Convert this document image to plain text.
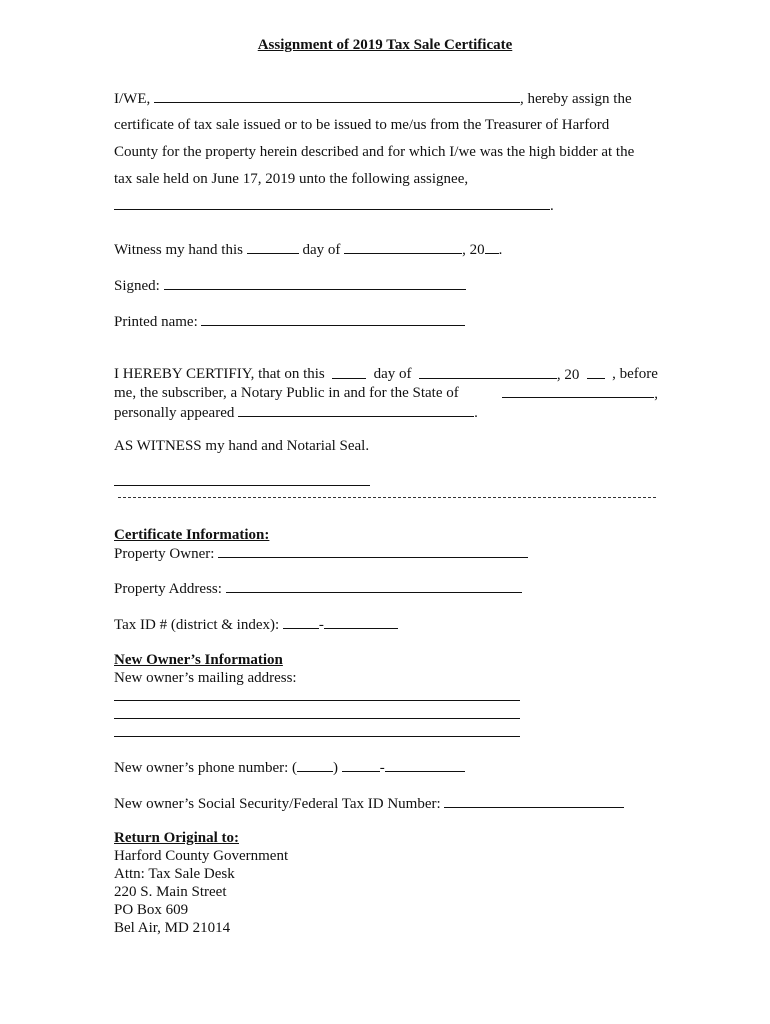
Assignment of 2019 Tax Sale Certificate
I/WE,	, hereby assign the
certificate of tax sale issued or to be issued to me/us from the Treasurer of Harford
County for the property herein described and for which I/we was the high bidder at the
tax sale held on June 17, 2019 unto the following assignee,
.
Witness my hand this	day of	, 20 .
Signed:
Printed name:
I HEREBY CERTIFIY, that on this	day of	, 20 , before
me, the subscriber, a Notary Public in and for the State of	,
personally appeared	.
AS WITNESS my hand and Notarial Seal.
Certificate Information:
Property Owner:
Property Address:
Tax ID # (district & index):	-
New Owner’s Information
New owner’s mailing address:
New owner’s phone number: ( )	-
New owner’s Social Security/Federal Tax ID Number:
Return Original to:
Harford County Government
Attn: Tax Sale Desk
220 S. Main Street
PO Box 609
Bel Air, MD 21014
